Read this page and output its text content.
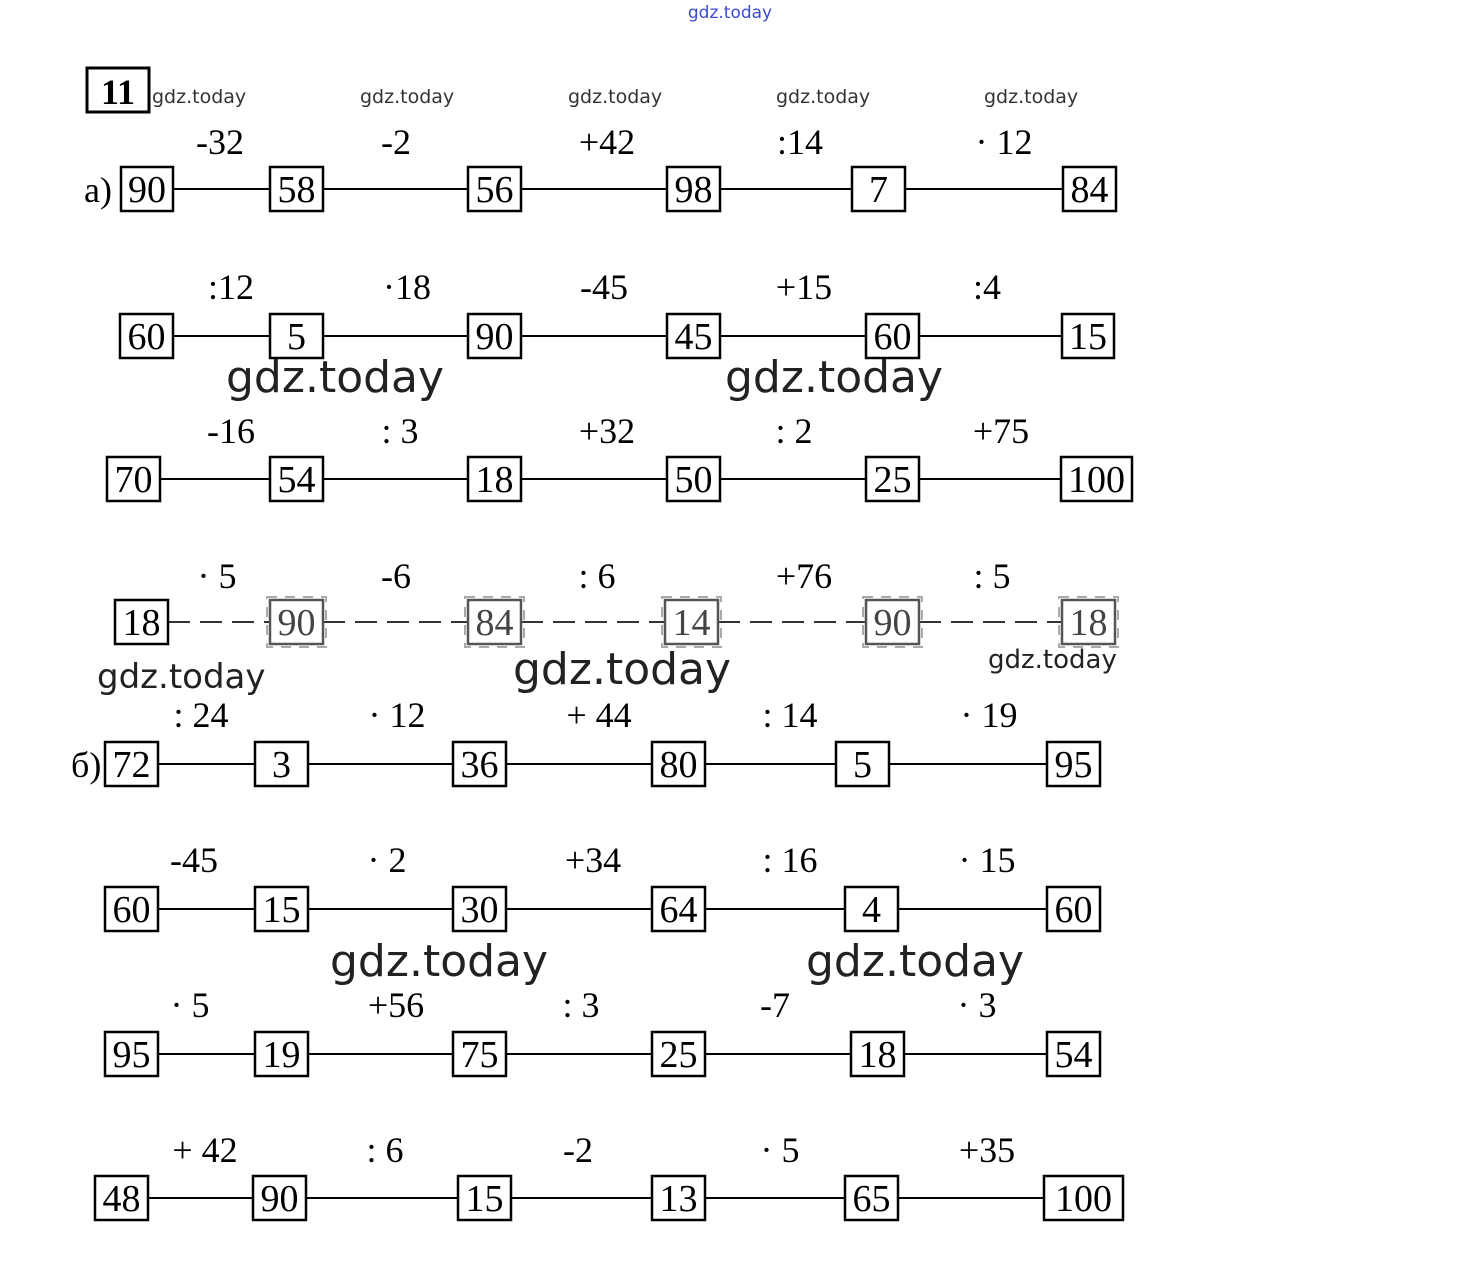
gdz.today
11 gdz.today	gdz.today	gdz.today	gdz.today	gdz.today
90	58	56	98	7	84
-32	-2	+42	:14	· 12
а)
60	5	90	45	60	15
:12	·18	-45	+15	:4
70	54	18	50	25	100
-16	: 3	+32	: 2	+75
18	90	84	14	90	18
· 5	-6	: 6	+76	: 5
72	3	36	80	5	95
: 24	· 12	+ 44	: 14	· 19
б)
60	15	30	64	4	60
-45	· 2	+34	: 16	· 15
95	19	75	25	18	54
· 5	+56	: 3	-7	· 3
48	90	15	13	65	100
+ 42	: 6	-2	· 5	+35
gdz.today	gdz.today
gdz.today	gdz.today	gdz.today
gdz.today	gdz.today
